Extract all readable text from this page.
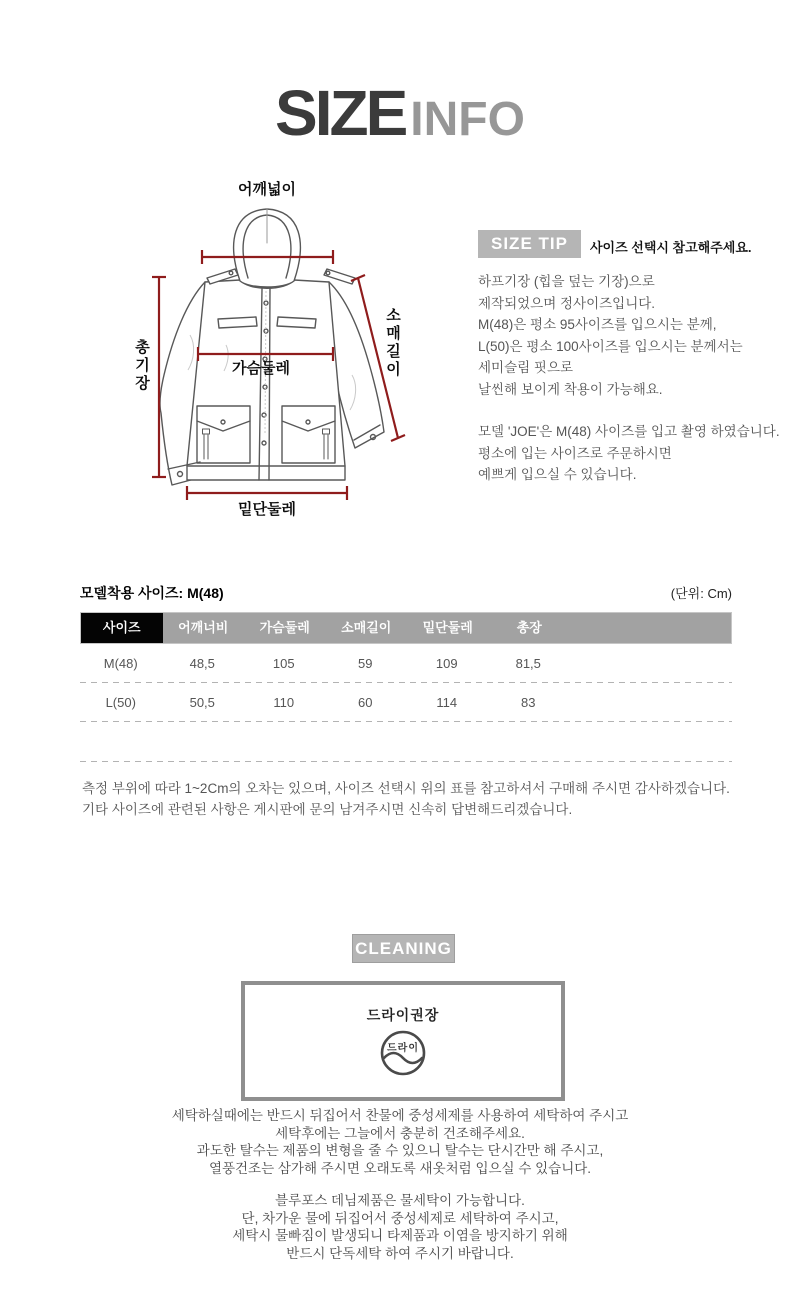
SIZE INFO
어깨넓이
총기장	소매길이
가슴둘레
밑단둘레
SIZE TIP	사이즈 선택시 참고해주세요.
하프기장 (힙을 덮는 기장)으로
제작되었으며 정사이즈입니다.
M(48)은 평소 95사이즈를 입으시는 분께,
L(50)은 평소 100사이즈를 입으시는 분께서는
세미슬림 핏으로
날씬해 보이게 착용이 가능해요.
모델 'JOE'은 M(48) 사이즈를 입고 촬영 하였습니다.
평소에 입는 사이즈로 주문하시면
예쁘게 입으실 수 있습니다.
모델착용 사이즈: M(48)	(단위: Cm)
사이즈	어깨너비	가슴둘레	소매길이	밑단둘레	총장
M(48)	48,5	105	59	109	81,5
L(50)	50,5	110	60	114	83
측정 부위에 따라 1~2Cm의 오차는 있으며, 사이즈 선택시 위의 표를 참고하셔서 구매해 주시면 감사하겠습니다.
기타 사이즈에 관련된 사항은 게시판에 문의 남겨주시면 신속히 답변해드리겠습니다.
CLEANING
드라이권장
드라이
세탁하실때에는 반드시 뒤집어서 찬물에 중성세제를 사용하여 세탁하여 주시고
세탁후에는 그늘에서 충분히 건조해주세요.
과도한 탈수는 제품의 변형을 줄 수 있으니 탈수는 단시간만 해 주시고,
열풍건조는 삼가해 주시면 오래도록 새옷처럼 입으실 수 있습니다.
블루포스 데님제품은 물세탁이 가능합니다.
단, 차가운 물에 뒤집어서 중성세제로 세탁하여 주시고,
세탁시 물빠짐이 발생되니 타제품과 이염을 방지하기 위해
반드시 단독세탁 하여 주시기 바랍니다.
